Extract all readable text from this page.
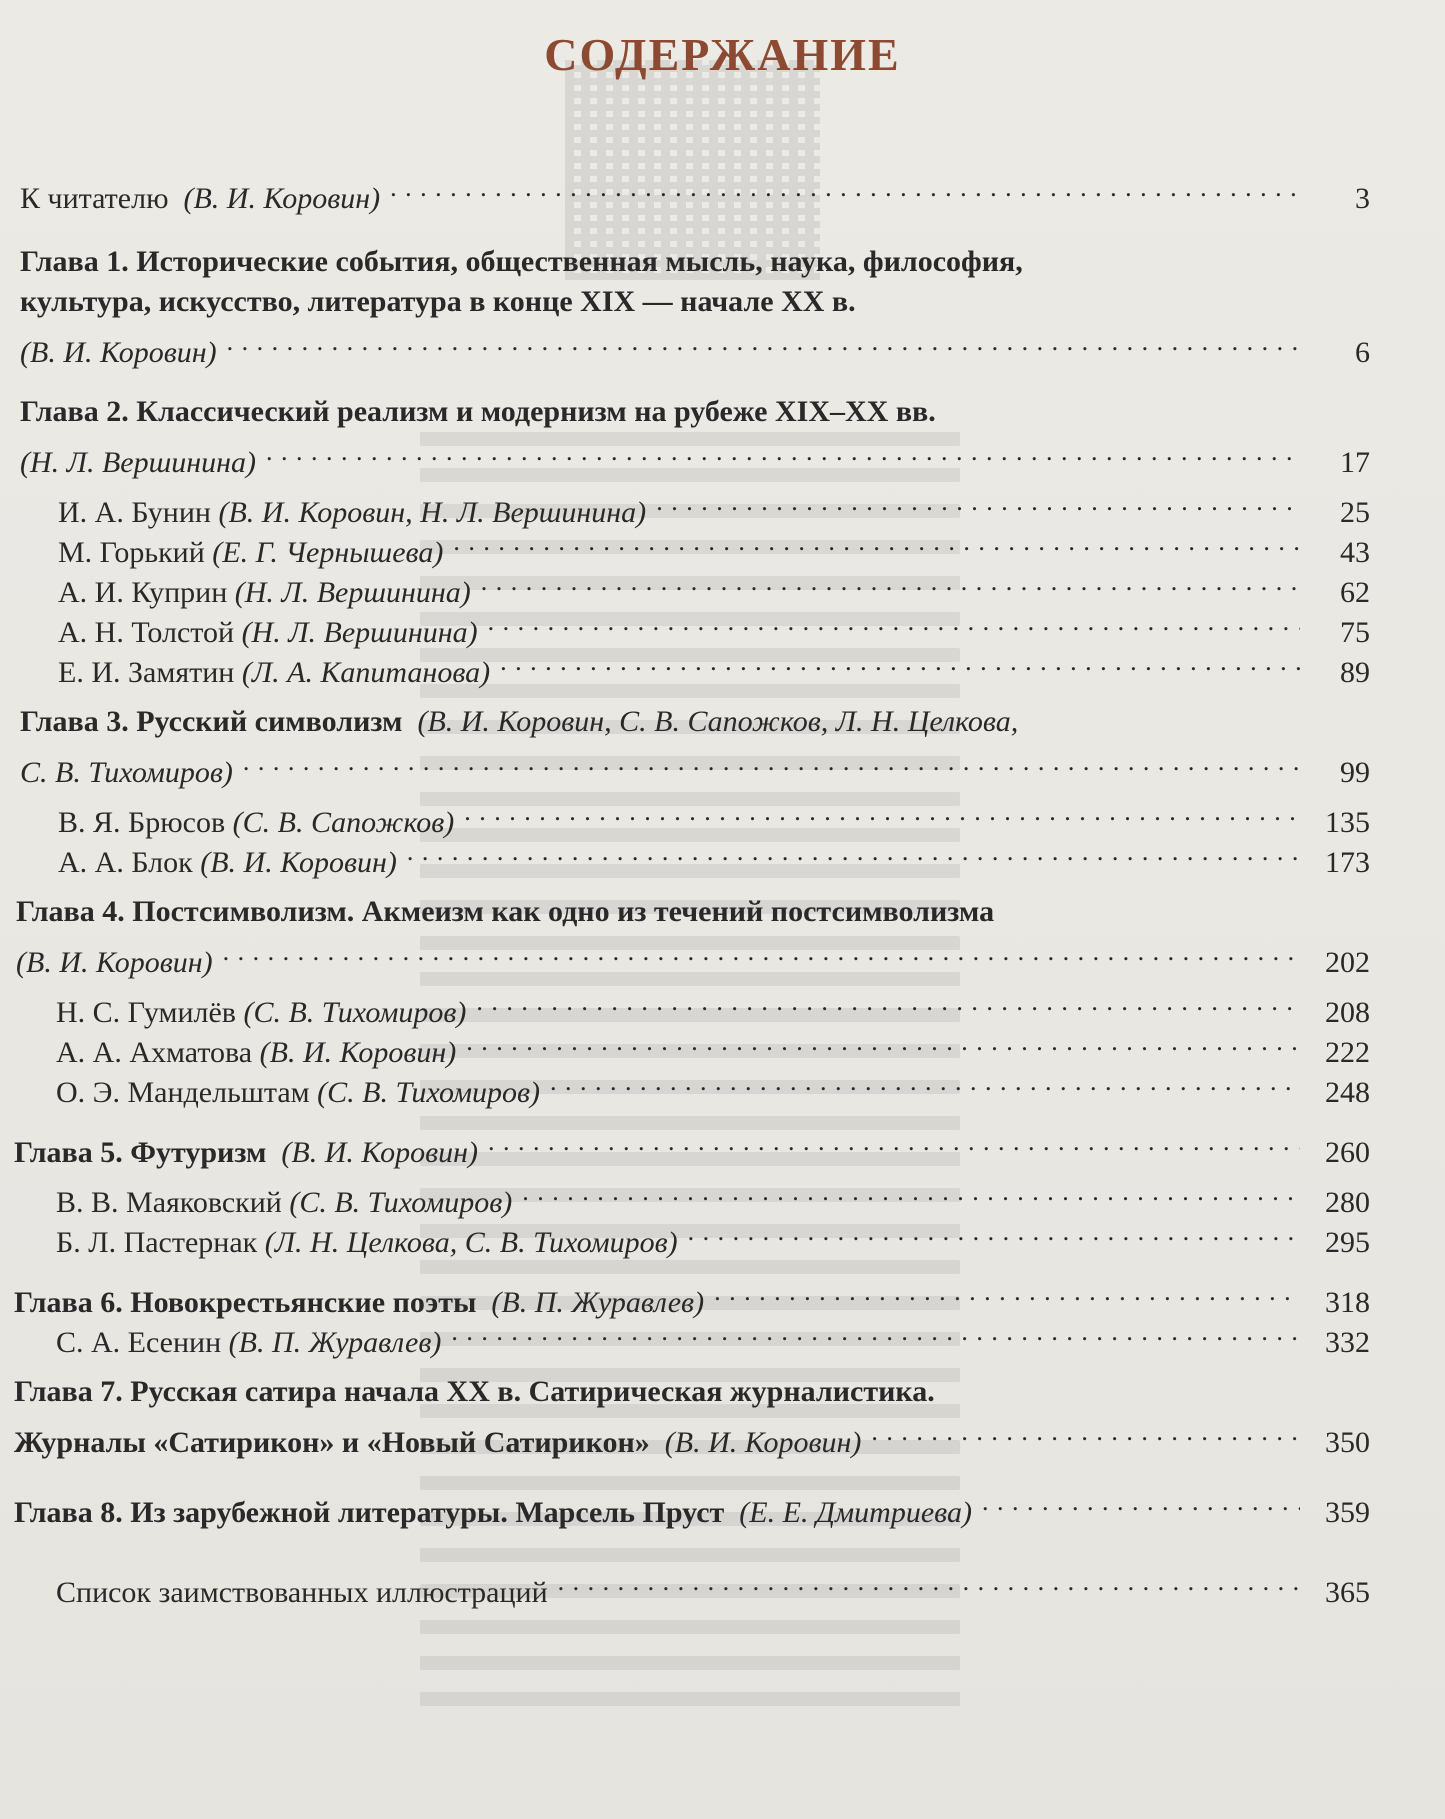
СОДЕРЖАНИЕ
К читателю (В. И. Коровин) . . .	3
Глава 1. Исторические события, общественная мысль, наука, философия,
культура, искусство, литература в конце XIX — начале XX в.
(В. И. Коровин) . . .	6
Глава 2. Классический реализм и модернизм на рубеже XIX–XX вв.
(Н. Л. Вершинина) . . .	17
И. А. Бунин (В. И. Коровин, Н. Л. Вершинина) . . .	25
М. Горький (Е. Г. Чернышева) . . .	43
А. И. Куприн (Н. Л. Вершинина) . . .	62
А. Н. Толстой (Н. Л. Вершинина) . . .	75
Е. И. Замятин (Л. А. Капитанова) . . .	89
Глава 3. Русский символизм (В. И. Коровин, С. В. Сапожков, Л. Н. Целкова,
С. В. Тихомиров) . . .	99
В. Я. Брюсов (С. В. Сапожков) . . .	135
А. А. Блок (В. И. Коровин) . . .	173
Глава 4. Постсимволизм. Акмеизм как одно из течений постсимволизма
(В. И. Коровин) . . .	202
Н. С. Гумилёв (С. В. Тихомиров) . . .	208
А. А. Ахматова (В. И. Коровин) . . .	222
О. Э. Мандельштам (С. В. Тихомиров) . . .	248
Глава 5. Футуризм (В. И. Коровин) . . .	260
В. В. Маяковский (С. В. Тихомиров) . . .	280
Б. Л. Пастернак (Л. Н. Целкова, С. В. Тихомиров) . . .	295
Глава 6. Новокрестьянские поэты (В. П. Журавлев) . . .	318
С. А. Есенин (В. П. Журавлев) . . .	332
Глава 7. Русская сатира начала XX в. Сатирическая журналистика.
Журналы «Сатирикон» и «Новый Сатирикон» (В. И. Коровин) . . .	350
Глава 8. Из зарубежной литературы. Марсель Пруст (Е. Е. Дмитриева) . . .	359
Список заимствованных иллюстраций . . .	365
